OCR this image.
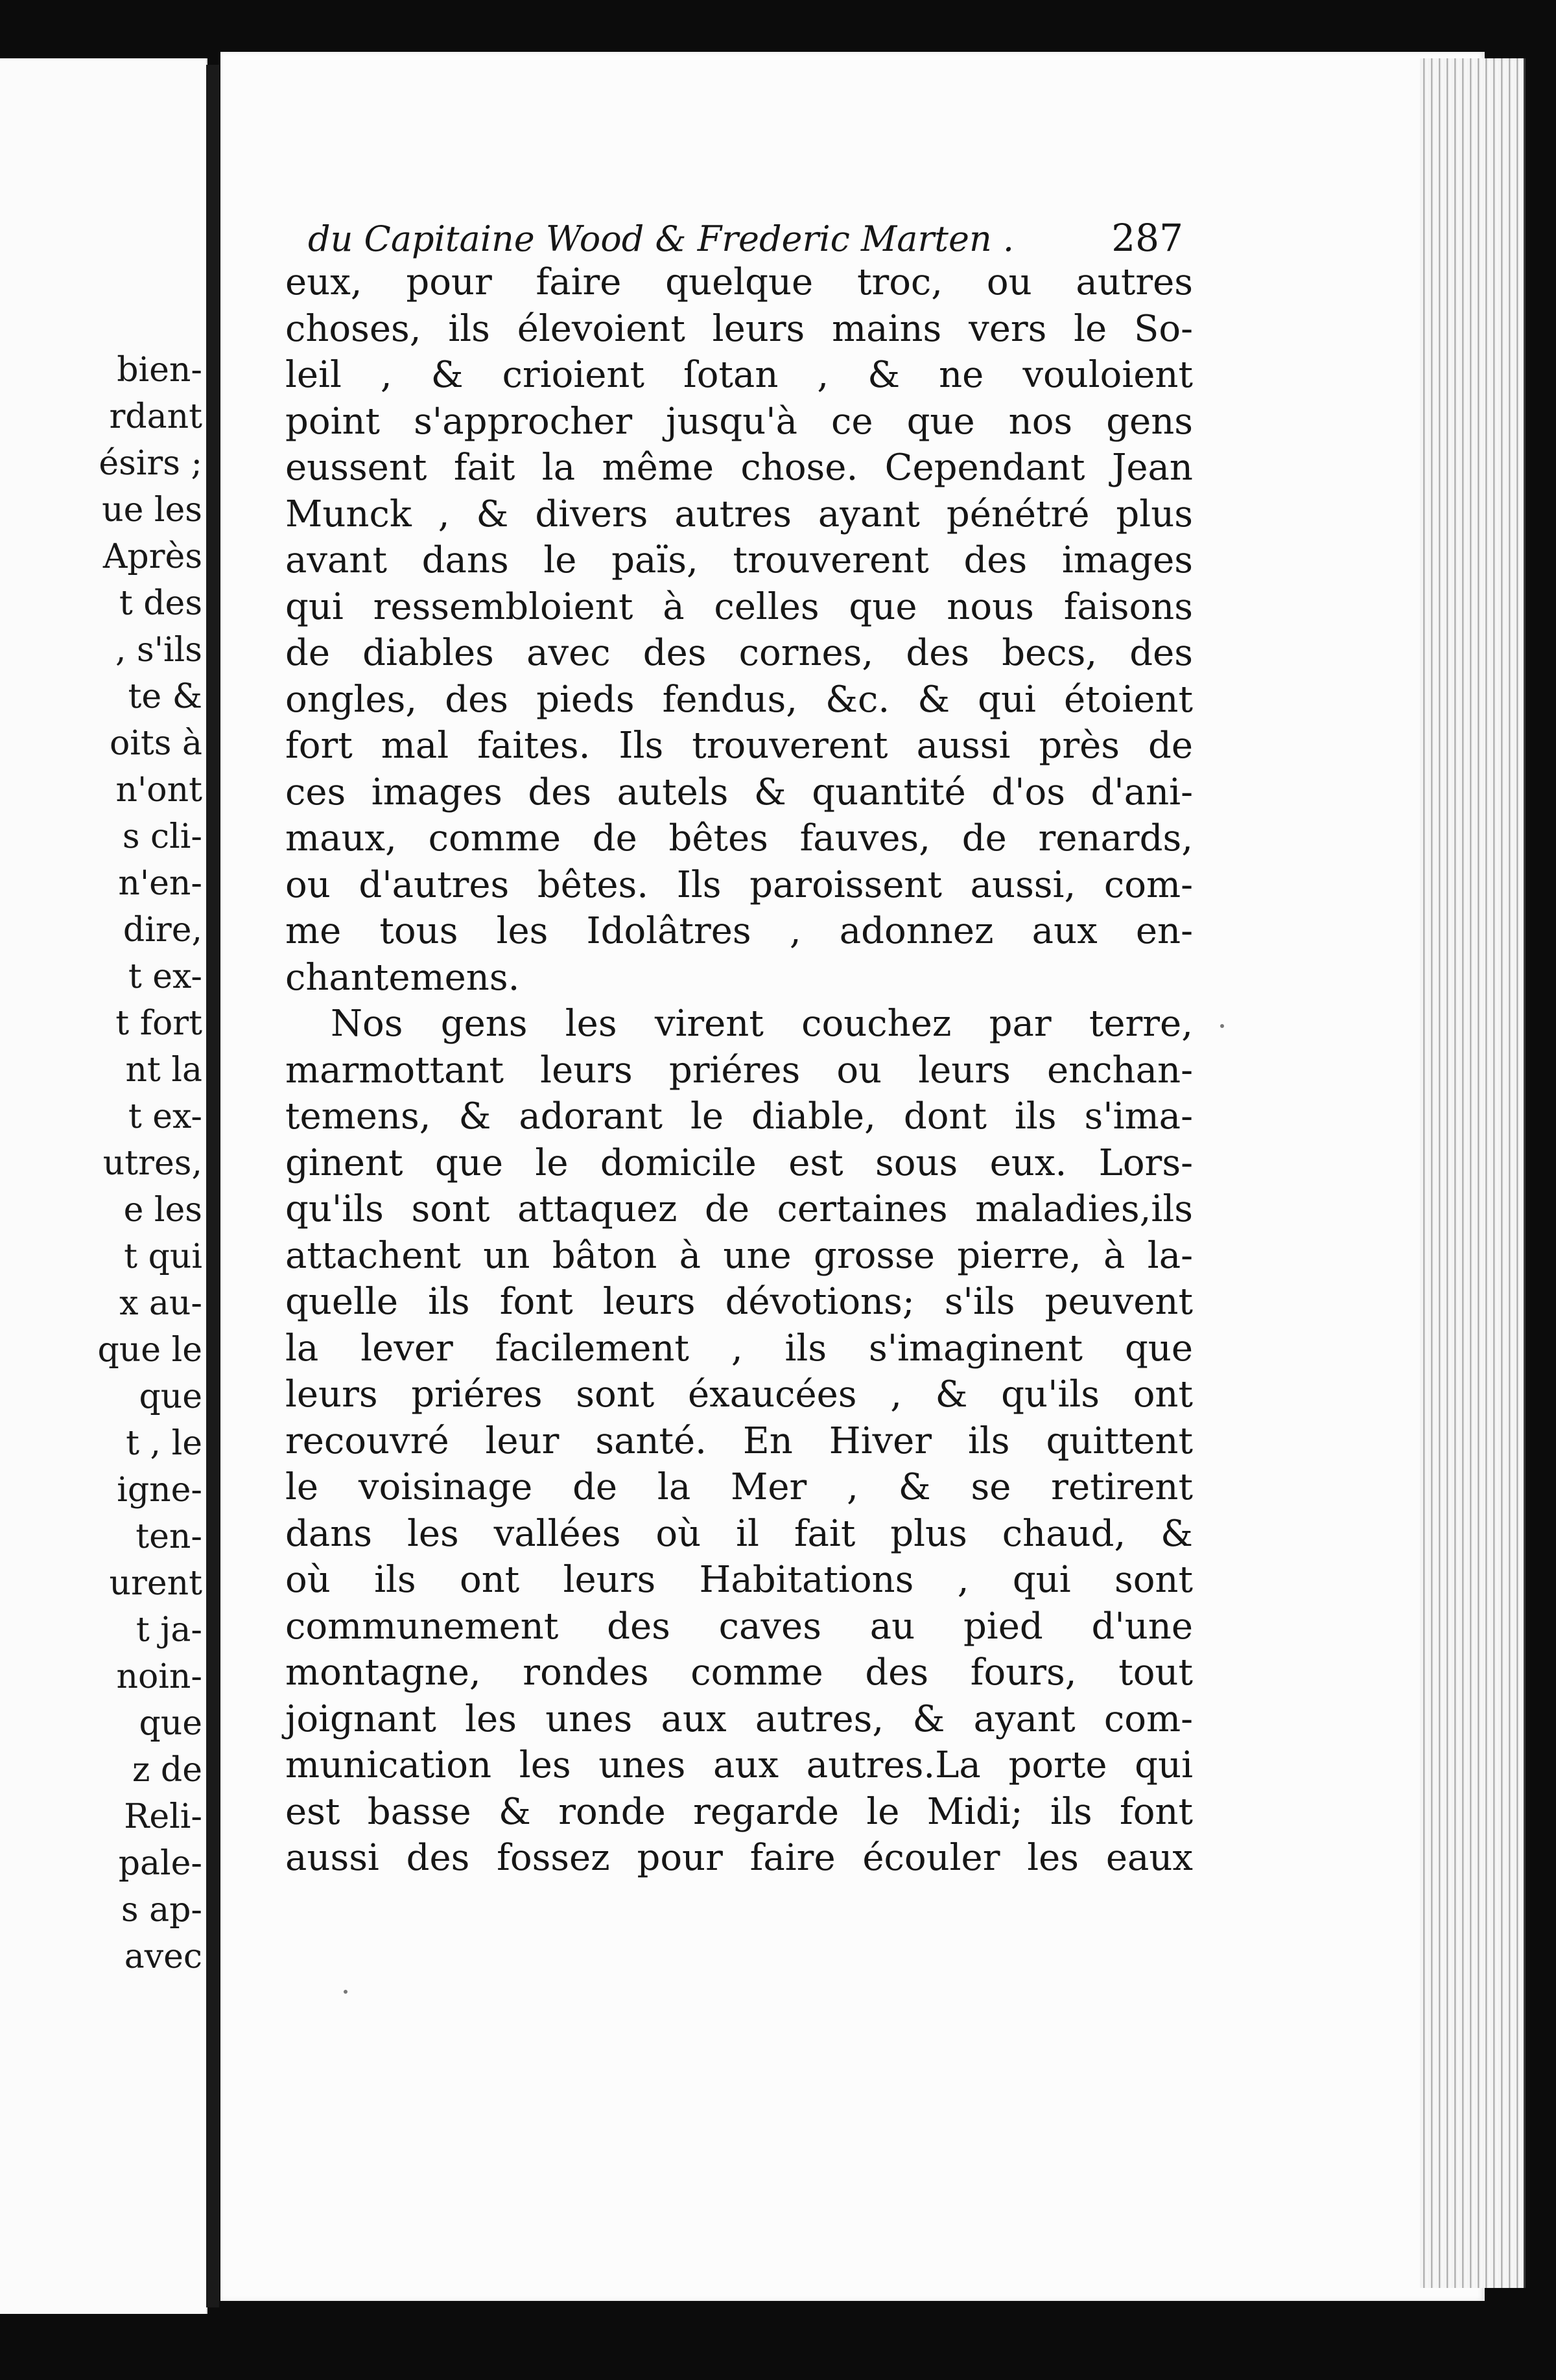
bien-
rdant
ésirs ;
ue les
Après
t des
, s'ils
te &
oits à
n'ont
s cli-
n'en-
dire,
t ex-
t fort
nt la
t ex-
utres,
e les
t qui
x au-
que le
que
t , le
igne-
ten-
urent
t ja-
noin-
que
z de
Reli-
pale-
s ap-
avec
du Capitaine Wood & Frederic Marten .	287
eux, pour faire quelque troc, ou autres
choses, ils élevoient leurs mains vers le So-
leil , & crioient ſotan , & ne vouloient
point s'approcher jusqu'à ce que nos gens
eussent fait la même chose. Cependant Jean
Munck , & divers autres ayant pénétré plus
avant dans le païs, trouverent des images
qui ressembloient à celles que nous faisons
de diables avec des cornes, des becs, des
ongles, des pieds fendus, &c. & qui étoient
fort mal faites. Ils trouverent aussi près de
ces images des autels & quantité d'os d'ani-
maux, comme de bêtes fauves, de renards,
ou d'autres bêtes. Ils paroissent aussi, com-
me tous les Idolâtres , adonnez aux en-
chantemens.
Nos gens les virent couchez par terre,
marmottant leurs priéres ou leurs enchan-
temens, & adorant le diable, dont ils s'ima-
ginent que le domicile est sous eux. Lors-
qu'ils sont attaquez de certaines maladies,ils
attachent un bâton à une grosse pierre, à la-
quelle ils font leurs dévotions; s'ils peuvent
la lever facilement , ils s'imaginent que
leurs priéres sont éxaucées , & qu'ils ont
recouvré leur santé. En Hiver ils quittent
le voisinage de la Mer , & se retirent
dans les vallées où il fait plus chaud, &
où ils ont leurs Habitations , qui sont
communement des caves au pied d'une
montagne, rondes comme des fours, tout
joignant les unes aux autres, & ayant com-
munication les unes aux autres.La porte qui
est basse & ronde regarde le Midi; ils font
aussi des fossez pour faire écouler les eaux
